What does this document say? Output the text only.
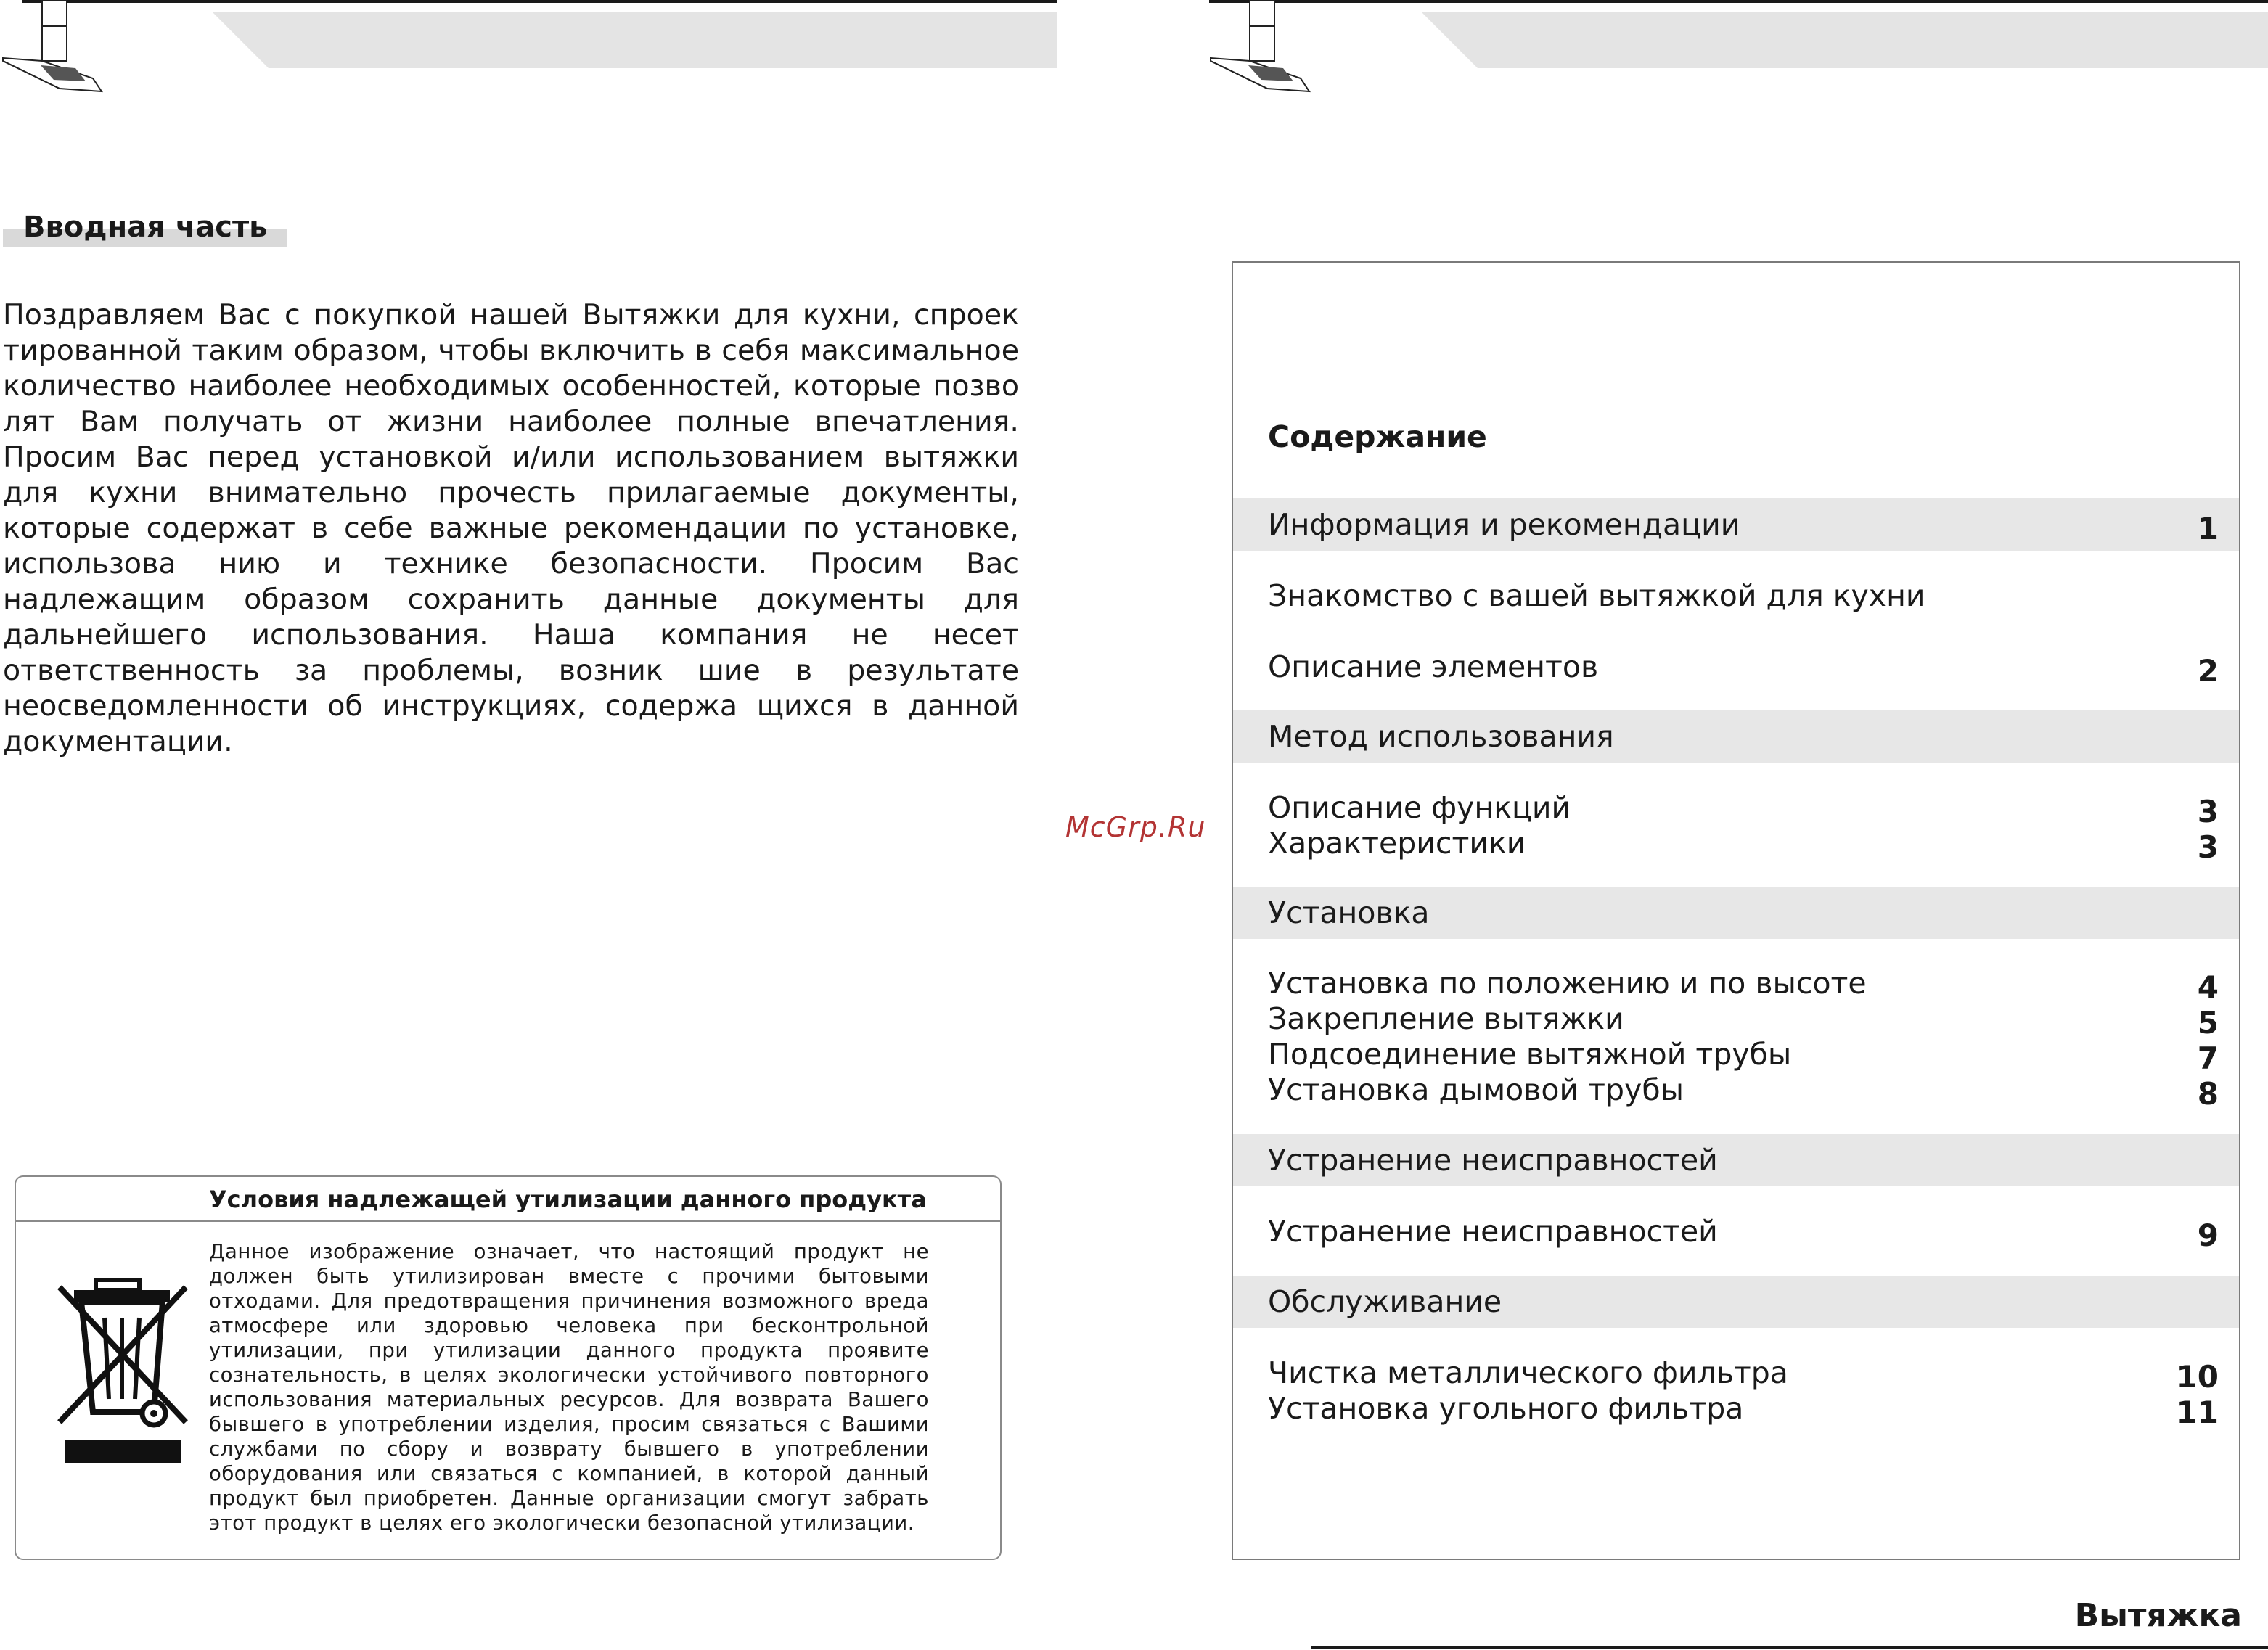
Вводная часть

Поздравляем Вас с покупкой нашей Вытяжки для кухни, спроек тированной таким образом, чтобы включить в себя максимальное количество наиболее необходимых особенностей, которые позво лят Вам получать от жизни наиболее полные впечатления. Просим Вас перед установкой и/или использованием вытяжки для кухни внимательно прочесть прилагаемые документы, которые содержат в себе важные рекомендации по установке, использова нию и технике безопасности. Просим Вас надлежащим образом сохранить данные документы для дальнейшего использования. Наша компания не несет ответственность за проблемы, возник шие в результате неосведомленности об инструкциях, содержа щихся в данной документации.

Условия надлежащей утилизации данного продукта

Данное изображение означает, что настоящий продукт не должен быть утилизирован вместе с прочими бытовыми отходами. Для предотвращения причинения возможного вреда атмосфере или здоровью человека при бесконтрольной утилизации, при утилизации данного продукта проявите сознательность, в целях экологически устойчивого повторного использования материальных ресурсов. Для возврата Вашего бывшего в употреблении изделия, просим связаться с Вашими службами по сбору и возврату бывшего в употреблении оборудования или связаться с компанией, в которой данный продукт был приобретен. Данные организации смогут забрать этот продукт в целях его экологически безопасной утилизации.

McGrp.Ru
Содержание
Информация и рекомендации	1
Знакомство с вашей вытяжкой для кухни
Описание элементов	2
Метод использования
Описание функций	3
Характеристики	3
Установка
Установка по положению и по высоте	4
Закрепление вытяжки	5
Подсоединение вытяжной трубы	7
Установка дымовой трубы	8
Устранение неисправностей
Устранение неисправностей	9
Обслуживание
Чистка металлического фильтра	10
Установка угольного фильтра	11
Вытяжка
